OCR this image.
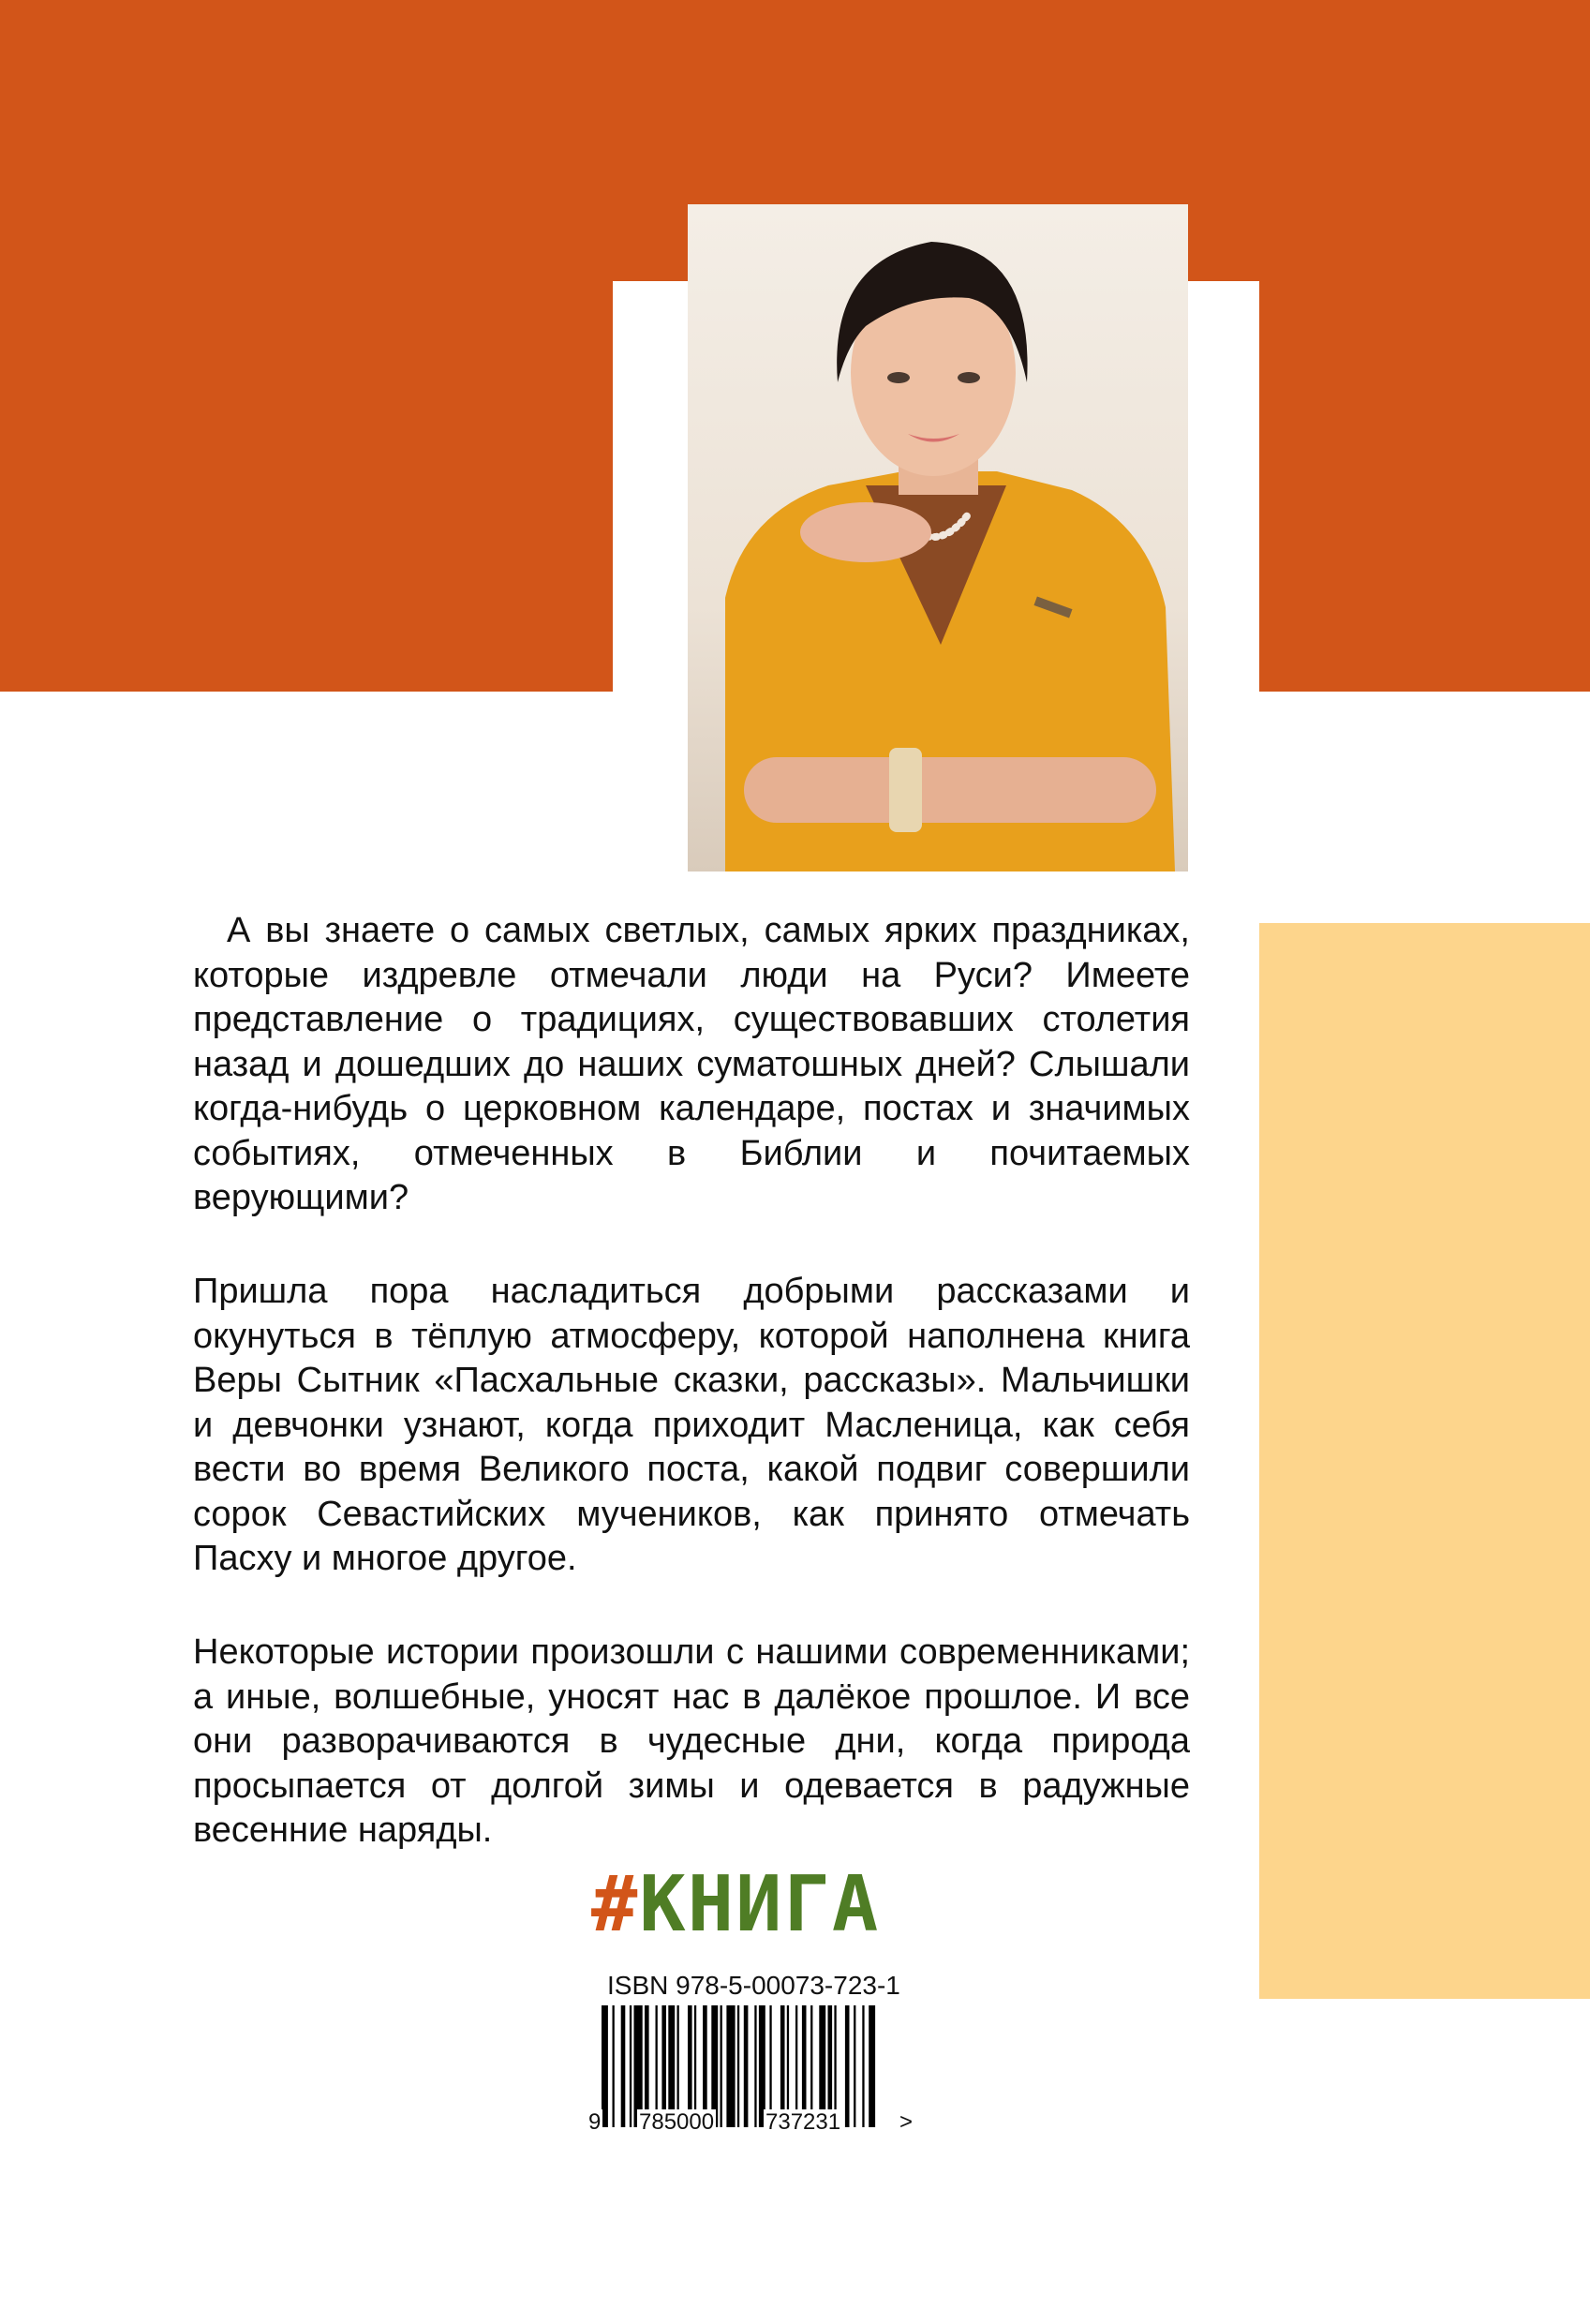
А вы знаете о самых светлых, самых ярких праздниках, которые издревле отмечали люди на Руси? Имеете представление о традициях, существовавших столетия назад и дошедших до наших суматошных дней? Слышали когда-нибудь о церковном календаре, постах и значимых событиях, отмеченных в Библии и почитаемых верующими?

Пришла пора насладиться добрыми рассказами и окунуться в тёплую атмосферу, которой наполнена книга Веры Сытник «Пасхальные сказки, рассказы». Мальчишки и девчонки узнают, когда приходит Масленица, как себя вести во время Великого поста, какой подвиг совершили сорок Севастийских мучеников, как принято отмечать Пасху и многое другое.

Некоторые истории произошли с нашими современниками; а иные, волшебные, уносят нас в далёкое прошлое. И все они разворачиваются в чудесные дни, когда природа просыпается от долгой зимы и одевается в радужные весенние наряды.

#КНИГА
ISBN 978-5-00073-723-1
9 785000 737231	>
